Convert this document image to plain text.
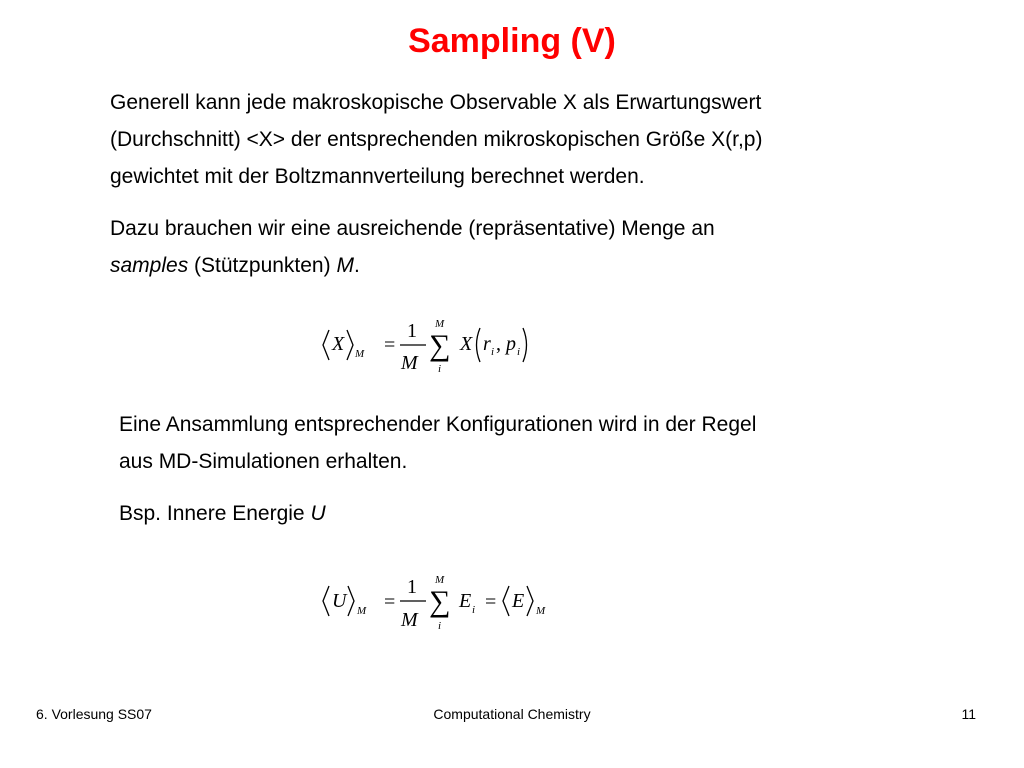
Sampling (V)
Generell kann jede makroskopische Observable X als Erwartungswert
(Durchschnitt) <X> der entsprechenden mikroskopischen Größe X(r,p)
gewichtet mit der Boltzmannverteilung berechnet werden.
Dazu brauchen wir eine ausreichende (repräsentative) Menge an
samples (Stützpunkten) M.
X M =
1
M
M
∑
i
X r i , p i
Eine Ansammlung entsprechender Konfigurationen wird in der Regel
aus MD-Simulationen erhalten.
Bsp. Innere Energie U
U M =
1
M
M
∑
i
E i = E M
6. Vorlesung SS07	Computational Chemistry	11
